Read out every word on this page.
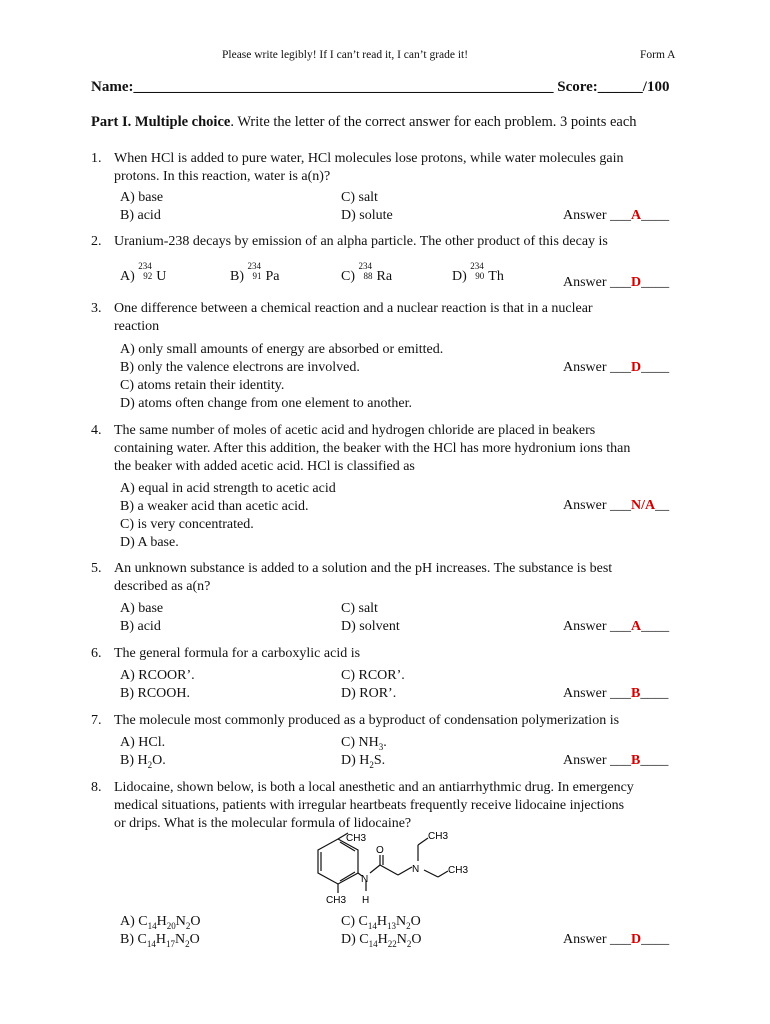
Please write legibly! If I can’t read it, I can’t grade it!	Form A
Name:________________________________________________________ Score:______/100
Part I. Multiple choice. Write the letter of the correct answer for each problem. 3 points each
1. When HCl is added to pure water, HCl molecules lose protons, while water molecules gain
protons. In this reaction, water is a(n)?
A) base
B) acid
C) salt
D) solute	Answer ___A____
2. Uranium-238 decays by emission of an alpha particle. The other product of this decay is
A)
234
92 U	B)
234
91 Pa	C)
234
88 Ra	D)
234
90 Th	Answer ___D____
3. One difference between a chemical reaction and a nuclear reaction is that in a nuclear
reaction
A) only small amounts of energy are absorbed or emitted.
B) only the valence electrons are involved.
C) atoms retain their identity.
D) atoms often change from one element to another.
Answer ___D____
4. The same number of moles of acetic acid and hydrogen chloride are placed in beakers
containing water. After this addition, the beaker with the HCl has more hydronium ions than
the beaker with added acetic acid. HCl is classified as
A) equal in acid strength to acetic acid
B) a weaker acid than acetic acid.
C) is very concentrated.
D) A base.
Answer ___N/A__
5. An unknown substance is added to a solution and the pH increases. The substance is best
described as a(n?
A) base
B) acid
C) salt
D) solvent	Answer ___A____
6. The general formula for a carboxylic acid is
A) RCOOR’.
B) RCOOH.
C) RCOR’.
D) ROR’.	Answer ___B____
7. The molecule most commonly produced as a byproduct of condensation polymerization is
A) HCl.
B) $H_2O$.
C) $NH_3$.
D) $H_2S$.	Answer ___B____
8. Lidocaine, shown below, is both a local anesthetic and an antiarrhythmic drug. In emergency
medical situations, patients with irregular heartbeats frequently receive lidocaine injections
or drips. What is the molecular formula of lidocaine?
CH3
O
CH3
N	CH3
N
CH3 H
A) $C_{14}H_{20}N_2O$
B) $C_{14}H_{17}N_2O$
C) $C_{14}H_{13}N_2O$
D) $C_{14}H_{22}N_2O$	Answer ___D____
